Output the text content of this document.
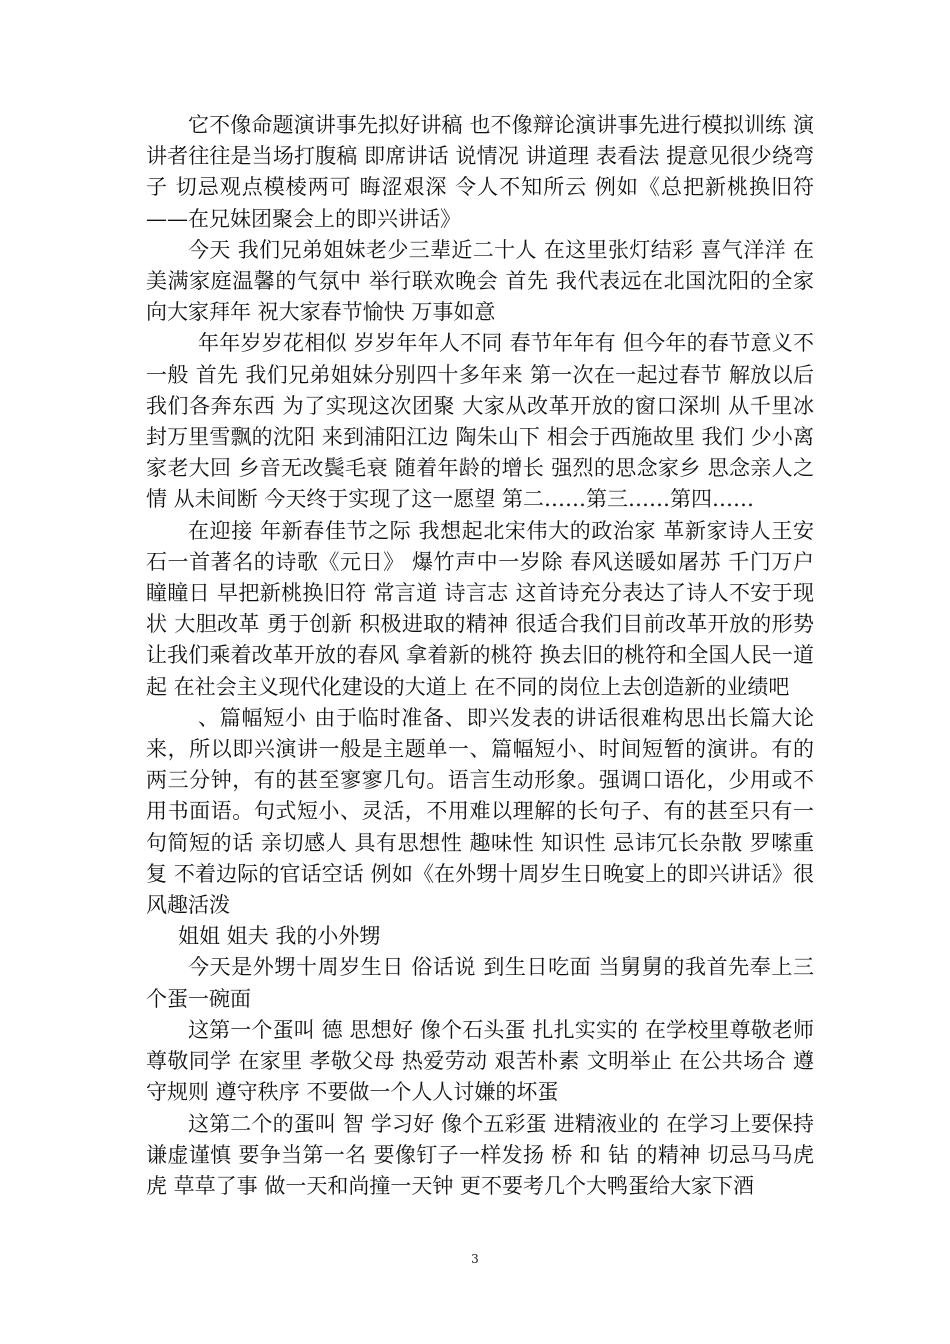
它不像命题演讲事先拟好讲稿 也不像辩论演讲事先进行模拟训练 演讲者往往是当场打腹稿 即席讲话 说情况 讲道理 表看法 提意见很少绕弯子 切忌观点模棱两可 晦涩艰深 令人不知所云 例如《总把新桃换旧符——在兄妹团聚会上的即兴讲话》

今天 我们兄弟姐妹老少三辈近二十人 在这里张灯结彩 喜气洋洋 在美满家庭温馨的气氛中 举行联欢晚会 首先 我代表远在北国沈阳的全家向大家拜年 祝大家春节愉快 万事如意

年年岁岁花相似 岁岁年年人不同 春节年年有 但今年的春节意义不一般 首先 我们兄弟姐妹分别四十多年来 第一次在一起过春节 解放以后 我们各奔东西 为了实现这次团聚 大家从改革开放的窗口深圳 从千里冰封万里雪飘的沈阳 来到浦阳江边 陶朱山下 相会于西施故里 我们 少小离家老大回 乡音无改鬓毛衰 随着年龄的增长 强烈的思念家乡 思念亲人之情 从未间断 今天终于实现了这一愿望 第二……第三……第四……

在迎接 年新春佳节之际 我想起北宋伟大的政治家 革新家诗人王安石一首著名的诗歌《元日》 爆竹声中一岁除 春风送暖如屠苏 千门万户瞳瞳日 早把新桃换旧符 常言道 诗言志 这首诗充分表达了诗人不安于现状 大胆改革 勇于创新 积极进取的精神 很适合我们目前改革开放的形势 让我们乘着改革开放的春风 拿着新的桃符 换去旧的桃符和全国人民一道起 在社会主义现代化建设的大道上 在不同的岗位上去创造新的业绩吧

、篇幅短小 由于临时准备、即兴发表的讲话很难构思出长篇大论来，所以即兴演讲一般是主题单一、篇幅短小、时间短暂的演讲。有的两三分钟，有的甚至寥寥几句。语言生动形象。强调口语化，少用或不用书面语。句式短小、灵活，不用难以理解的长句子、有的甚至只有一句简短的话 亲切感人 具有思想性 趣味性 知识性 忌讳冗长杂散 罗嗦重复 不着边际的官话空话 例如《在外甥十周岁生日晚宴上的即兴讲话》很风趣活泼

姐姐 姐夫 我的小外甥

今天是外甥十周岁生日 俗话说 到生日吃面 当舅舅的我首先奉上三个蛋一碗面

这第一个蛋叫 德 思想好 像个石头蛋 扎扎实实的 在学校里尊敬老师 尊敬同学 在家里 孝敬父母 热爱劳动 艰苦朴素 文明举止 在公共场合 遵守规则 遵守秩序 不要做一个人人讨嫌的坏蛋

这第二个的蛋叫 智 学习好 像个五彩蛋 进精液业的 在学习上要保持谦虚谨慎 要争当第一名 要像钉子一样发扬 桥 和 钻 的精神 切忌马马虎虎 草草了事 做一天和尚撞一天钟 更不要考几个大鸭蛋给大家下酒

3
